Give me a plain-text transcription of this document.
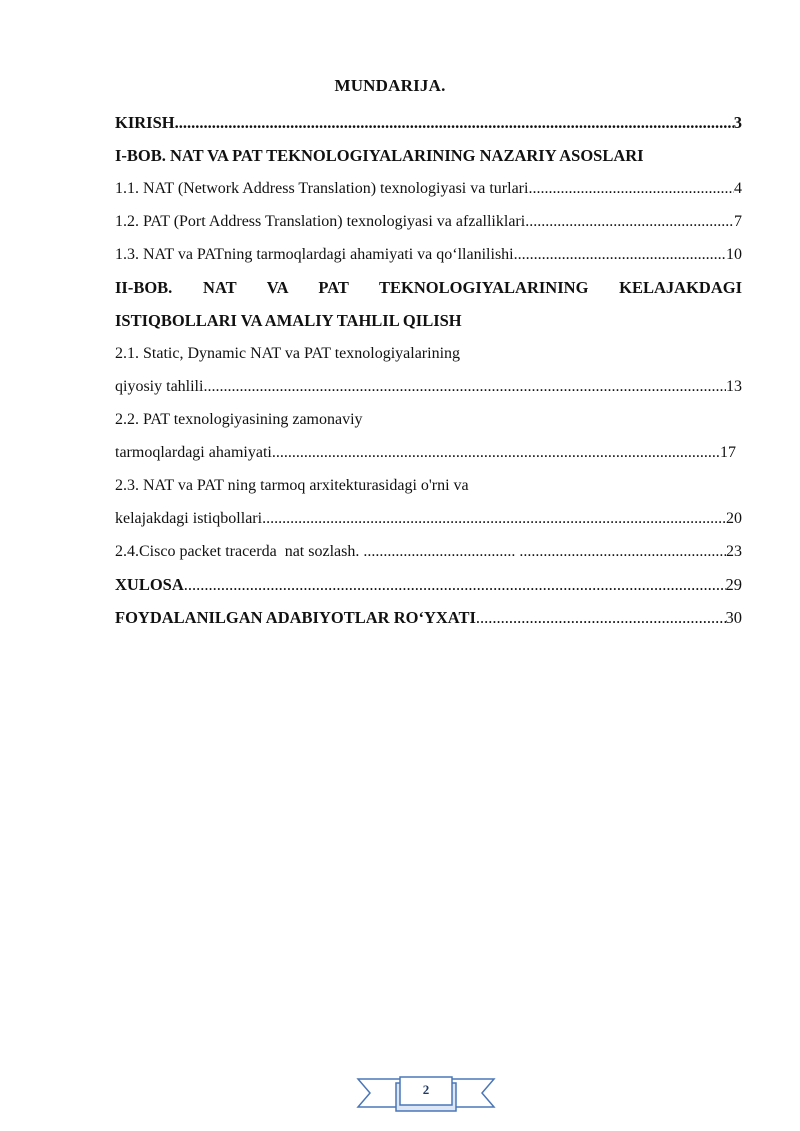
MUNDARIJA.
KIRISH .....	3
I-BOB. NAT VA PAT TEKNOLOGIYALARINING NAZARIY ASOSLARI
1.1. NAT (Network Address Translation) texnologiyasi va turlari .....	4
1.2. PAT (Port Address Translation) texnologiyasi va afzalliklari .....	7
1.3. NAT va PATning tarmoqlardagi ahamiyati va qo‘llanilishi .....	10
II-BOB. NAT VA PAT TEKNOLOGIYALARINING KELAJAKDAGI
ISTIQBOLLARI VA AMALIY TAHLIL QILISH
2.1. Static, Dynamic NAT va PAT texnologiyalarining
qiyosiy tahlili .....	13
2.2. PAT texnologiyasining zamonaviy
tarmoqlardagi ahamiyati .....	17
2.3. NAT va PAT ning tarmoq arxitekturasidagi o'rni va
kelajakdagi istiqbollari .....	20
2.4.Cisco packet tracerda  nat sozlash. ...................................... .....	23
XULOSA .....	29
FOYDALANILGAN ADABIYOTLAR RO‘YXATI .....	30
2
